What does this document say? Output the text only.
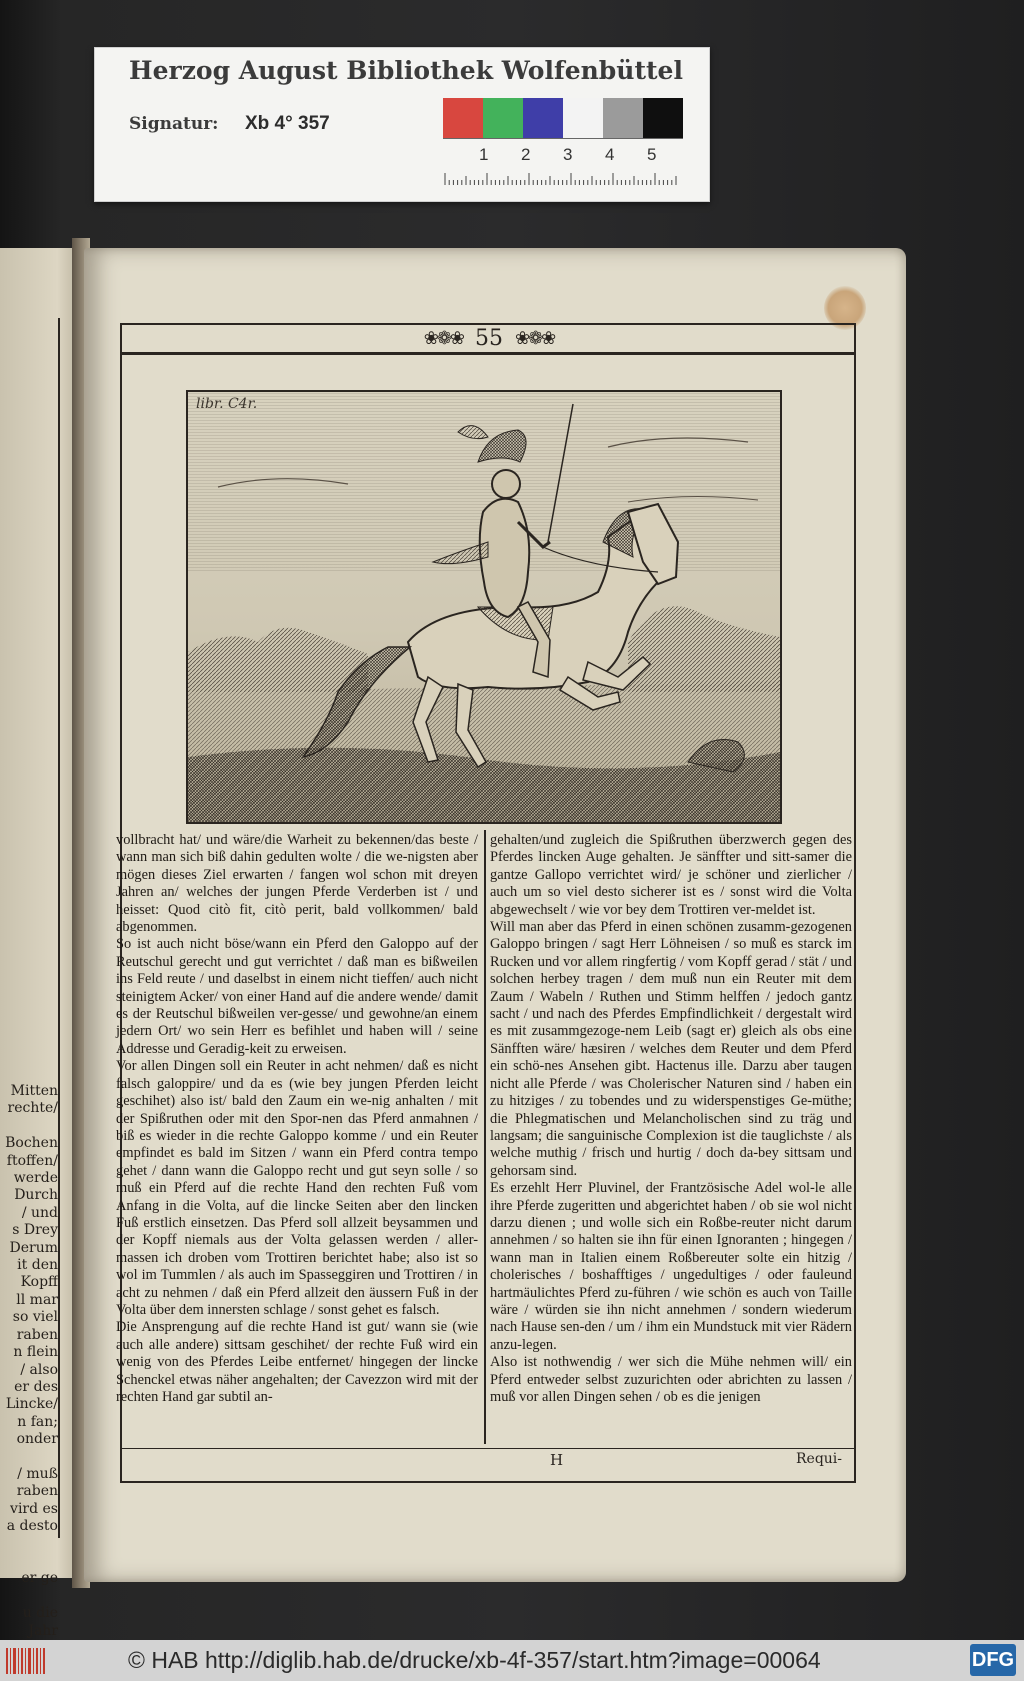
Mitten
rechte/

Bochen
ftoffen/
werde
Durch
/ und
s Drey
Derum
it den
Kopff
ll mar
so viel
raben
n flein
/ also
er des
Lincke/
n fan;
onder

/ muß
raben
vird es
a desto

er ge

u die
Jahr

❀❁❀ 55 ❀❁❀
libr. C4r.
vollbracht hat/ und wäre/die Warheit zu bekennen/das beste / wann man sich biß dahin gedulten wolte / die we-nigsten aber mögen dieses Ziel erwarten / fangen wol schon mit dreyen Jahren an/ welches der jungen Pferde Verderben ist / und heisset: Quod citò fit, citò perit, bald vollkommen/ bald abgenommen.
So ist auch nicht böse/wann ein Pferd den Galoppo auf der Reutschul gerecht und gut verrichtet / daß man es bißweilen ins Feld reute / und daselbst in einem nicht tieffen/ auch nicht steinigtem Acker/ von einer Hand auf die andere wende/ damit es der Reutschul bißweilen ver-gesse/ und gewohne/an einem jedern Ort/ wo sein Herr es befihlet und haben will / seine Addresse und Geradig-keit zu erweisen.
Vor allen Dingen soll ein Reuter in acht nehmen/ daß es nicht falsch galoppire/ und da es (wie bey jungen Pferden leicht geschihet) also ist/ bald den Zaum ein we-nig anhalten / mit der Spißruthen oder mit den Spor-nen das Pferd anmahnen / biß es wieder in die rechte Galoppo komme / und ein Reuter empfindet es bald im Sitzen / wann ein Pferd contra tempo gehet / dann wann die Galoppo recht und gut seyn solle / so muß ein Pferd auf die rechte Hand den rechten Fuß vom Anfang in die Volta, auf die lincke Seiten aber den lincken Fuß erstlich einsetzen. Das Pferd soll allzeit beysammen und der Kopff niemals aus der Volta gelassen werden / aller-massen ich droben vom Trottiren berichtet habe; also ist so wol im Tummlen / als auch im Spasseggiren und Trottiren / in acht zu nehmen / daß ein Pferd allzeit den äussern Fuß in der Volta über dem innersten schlage / sonst gehet es falsch.
Die Ansprengung auf die rechte Hand ist gut/ wann sie (wie auch alle andere) sittsam geschihet/ der rechte Fuß wird ein wenig von des Pferdes Leibe entfernet/ hingegen der lincke Schenckel etwas näher angehalten; der Cavezzon wird mit der rechten Hand gar subtil an-
gehalten/und zugleich die Spißruthen überzwerch gegen des Pferdes lincken Auge gehalten. Je sänffter und sitt-samer die gantze Gallopo verrichtet wird/ je schöner und zierlicher / auch um so viel desto sicherer ist es / sonst wird die Volta abgewechselt / wie vor bey dem Trottiren ver-meldet ist.
Will man aber das Pferd in einen schönen zusamm-gezogenen Galoppo bringen / sagt Herr Löhneisen / so muß es starck im Rucken und vor allem ringfertig / vom Kopff gerad / stät / und solchen herbey tragen / dem muß nun ein Reuter mit dem Zaum / Wabeln / Ruthen und Stimm helffen / jedoch gantz sacht / und nach des Pferdes Empfindlichkeit / dergestalt wird es mit zusammgezoge-nem Leib (sagt er) gleich als obs eine Sänfften wäre/ hæsiren / welches dem Reuter und dem Pferd ein schö-nes Ansehen gibt. Hactenus ille. Darzu aber taugen nicht alle Pferde / was Cholerischer Naturen sind / haben ein zu hitziges / zu tobendes und zu widerspenstiges Ge-müthe; die Phlegmatischen und Melancholischen sind zu träg und langsam; die sanguinische Complexion ist die tauglichste / als welche muthig / frisch und hurtig / doch da-bey sittsam und gehorsam sind.
Es erzehlt Herr Pluvinel, der Frantzösische Adel wol-le alle ihre Pferde zugeritten und abgerichtet haben / ob sie wol nicht darzu dienen ; und wolle sich ein Roßbe-reuter nicht darum annehmen / so halten sie ihn für einen Ignoranten ; hingegen / wann man in Italien einem Roßbereuter solte ein hitzig / cholerisches / boshafftiges / ungedultiges / oder fauleund hartmäulichtes Pferd zu-führen / wie schön es auch von Taille wäre / würden sie ihn nicht annehmen / sondern wiederum nach Hause sen-den / um / ihm ein Mundstuck mit vier Rädern anzu-legen.
Also ist nothwendig / wer sich die Mühe nehmen will/ ein Pferd entweder selbst zuzurichten oder abrichten zu lassen / muß vor allen Dingen sehen / ob es die jenigen
H	Requi-
Herzog August Bibliothek Wolfenbüttel
Signatur: Xb 4° 357
1 2 3 4 5
© HAB http://diglib.hab.de/drucke/xb-4f-357/start.htm?image=00064	DFG
